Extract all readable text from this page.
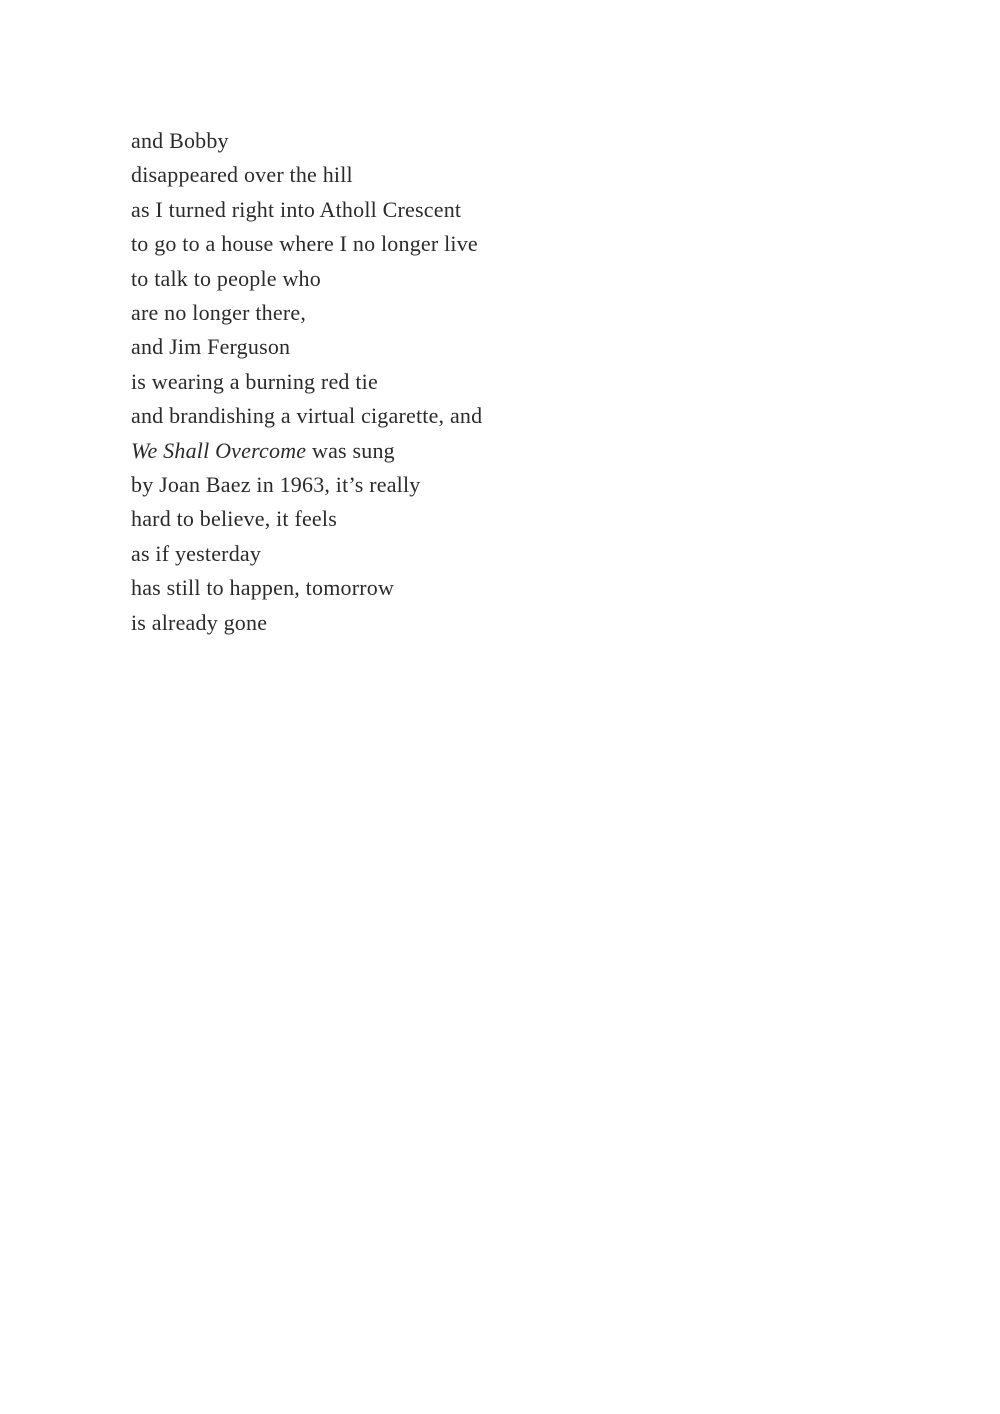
and Bobby
disappeared over the hill
as I turned right into Atholl Crescent
to go to a house where I no longer live
to talk to people who
are no longer there,
and Jim Ferguson
is wearing a burning red tie
and brandishing a virtual cigarette, and
We Shall Overcome was sung
by Joan Baez in 1963, it’s really
hard to believe, it feels
as if yesterday
has still to happen, tomorrow
is already gone
